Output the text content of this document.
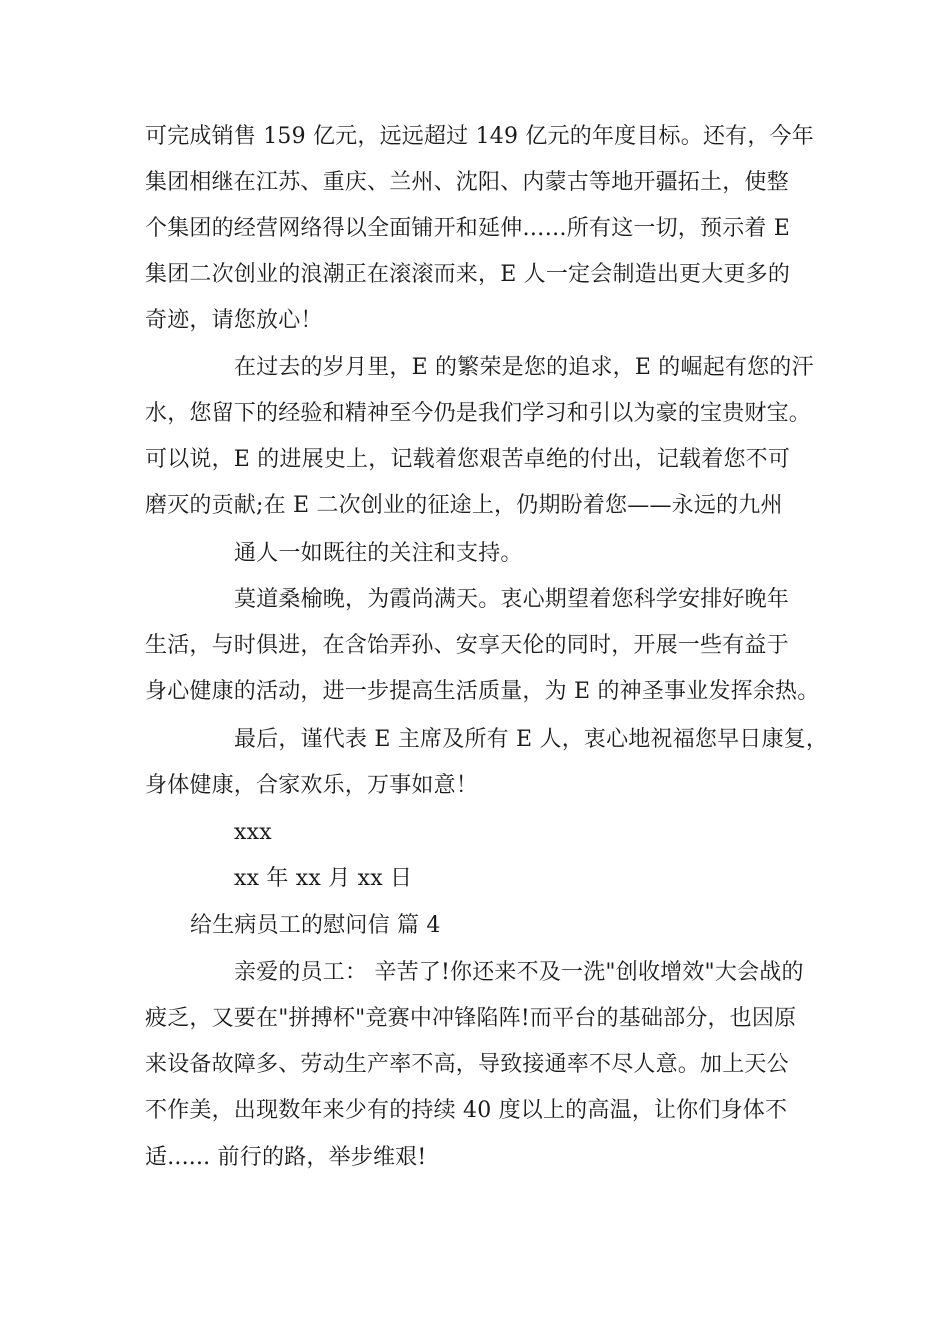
可完成销售 159 亿元，远远超过 149 亿元的年度目标。还有，今年
集团相继在江苏、重庆、兰州、沈阳、内蒙古等地开疆拓土，使整
个集团的经营网络得以全面铺开和延伸……所有这一切，预示着 E
集团二次创业的浪潮正在滚滚而来，E 人一定会制造出更大更多的
奇迹，请您放心！
在过去的岁月里，E 的繁荣是您的追求，E 的崛起有您的汗
水，您留下的经验和精神至今仍是我们学习和引以为豪的宝贵财宝。
可以说，E 的进展史上，记载着您艰苦卓绝的付出，记载着您不可
磨灭的贡献;在 E 二次创业的征途上，仍期盼着您——永远的九州
通人一如既往的关注和支持。
莫道桑榆晚，为霞尚满天。衷心期望着您科学安排好晚年
生活，与时俱进，在含饴弄孙、安享天伦的同时，开展一些有益于
身心健康的活动，进一步提高生活质量，为 E 的神圣事业发挥余热。
最后，谨代表 E 主席及所有 E 人，衷心地祝福您早日康复，
身体健康，合家欢乐，万事如意！
xxx
xx 年 xx 月 xx 日
给生病员工的慰问信 篇 4
亲爱的员工： 辛苦了!你还来不及一洗"创收增效"大会战的
疲乏，又要在"拼搏杯"竞赛中冲锋陷阵!而平台的基础部分，也因原
来设备故障多、劳动生产率不高，导致接通率不尽人意。加上天公
不作美，出现数年来少有的持续 40 度以上的高温，让你们身体不
适...... 前行的路，举步维艰!
